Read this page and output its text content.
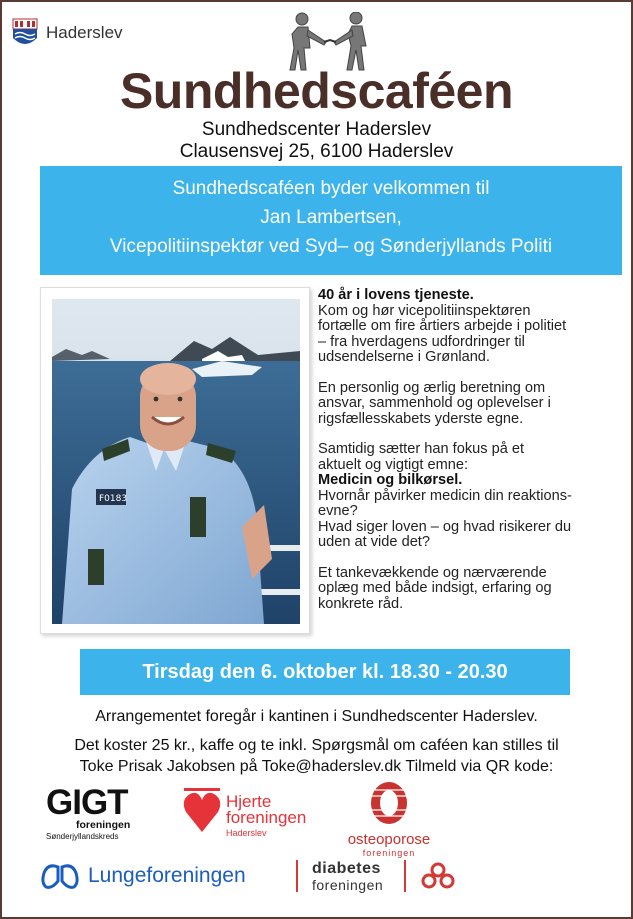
Haderslev
Sundhedscaféen
Sundhedscenter Haderslev
Clausensvej 25, 6100 Haderslev
Sundhedscaféen byder velkommen til
Jan Lambertsen,
Vicepolitiinspektør ved Syd– og Sønderjyllands Politi
F0183
40 år i lovens tjeneste.
Kom og hør vicepolitiinspektøren
fortælle om fire årtiers arbejde i politiet
– fra hverdagens udfordringer til
udsendelserne i Grønland.
En personlig og ærlig beretning om
ansvar, sammenhold og oplevelser i
rigsfællesskabets yderste egne.
Samtidig sætter han fokus på et
aktuelt og vigtigt emne:
Medicin og bilkørsel.
Hvornår påvirker medicin din reaktions-
evne?
Hvad siger loven – og hvad risikerer du
uden at vide det?
Et tankevækkende og nærværende
oplæg med både indsigt, erfaring og
konkrete råd.
Tirsdag den 6. oktober kl. 18.30 - 20.30
Arrangementet foregår i kantinen i Sundhedscenter Haderslev.
Det koster 25 kr., kaffe og te inkl. Spørgsmål om caféen kan stilles til
Toke Prisak Jakobsen på Toke@haderslev.dk Tilmeld via QR kode:
GIGT
foreningen
Sønderjyllandskreds
Hjerte
foreningen
Haderslev	osteoporose
foreningen
Lungeforeningen	diabetes
foreningen
